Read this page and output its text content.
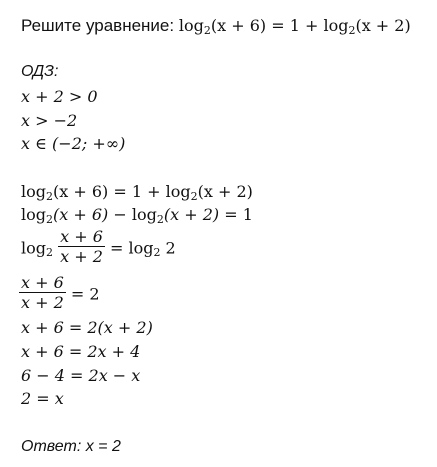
Решите уравнение: $\log_2(x + 6) = 1 + \log_2(x + 2)$
ОДЗ:
x + 2 > 0
x > −2
x ∈ (−2; +∞)
$\log_2(x + 6) = 1 + \log_2(x + 2)$
$\log_2(x + 6) - \log_2(x + 2) = 1$
$\log_2 \frac{x + 6}{x + 2} = \log_2 2$
$\frac{x + 6}{x + 2} = 2$
x + 6 = 2(x + 2)
x + 6 = 2x + 4
6 − 4 = 2x − x
2 = x
Ответ: x = 2
